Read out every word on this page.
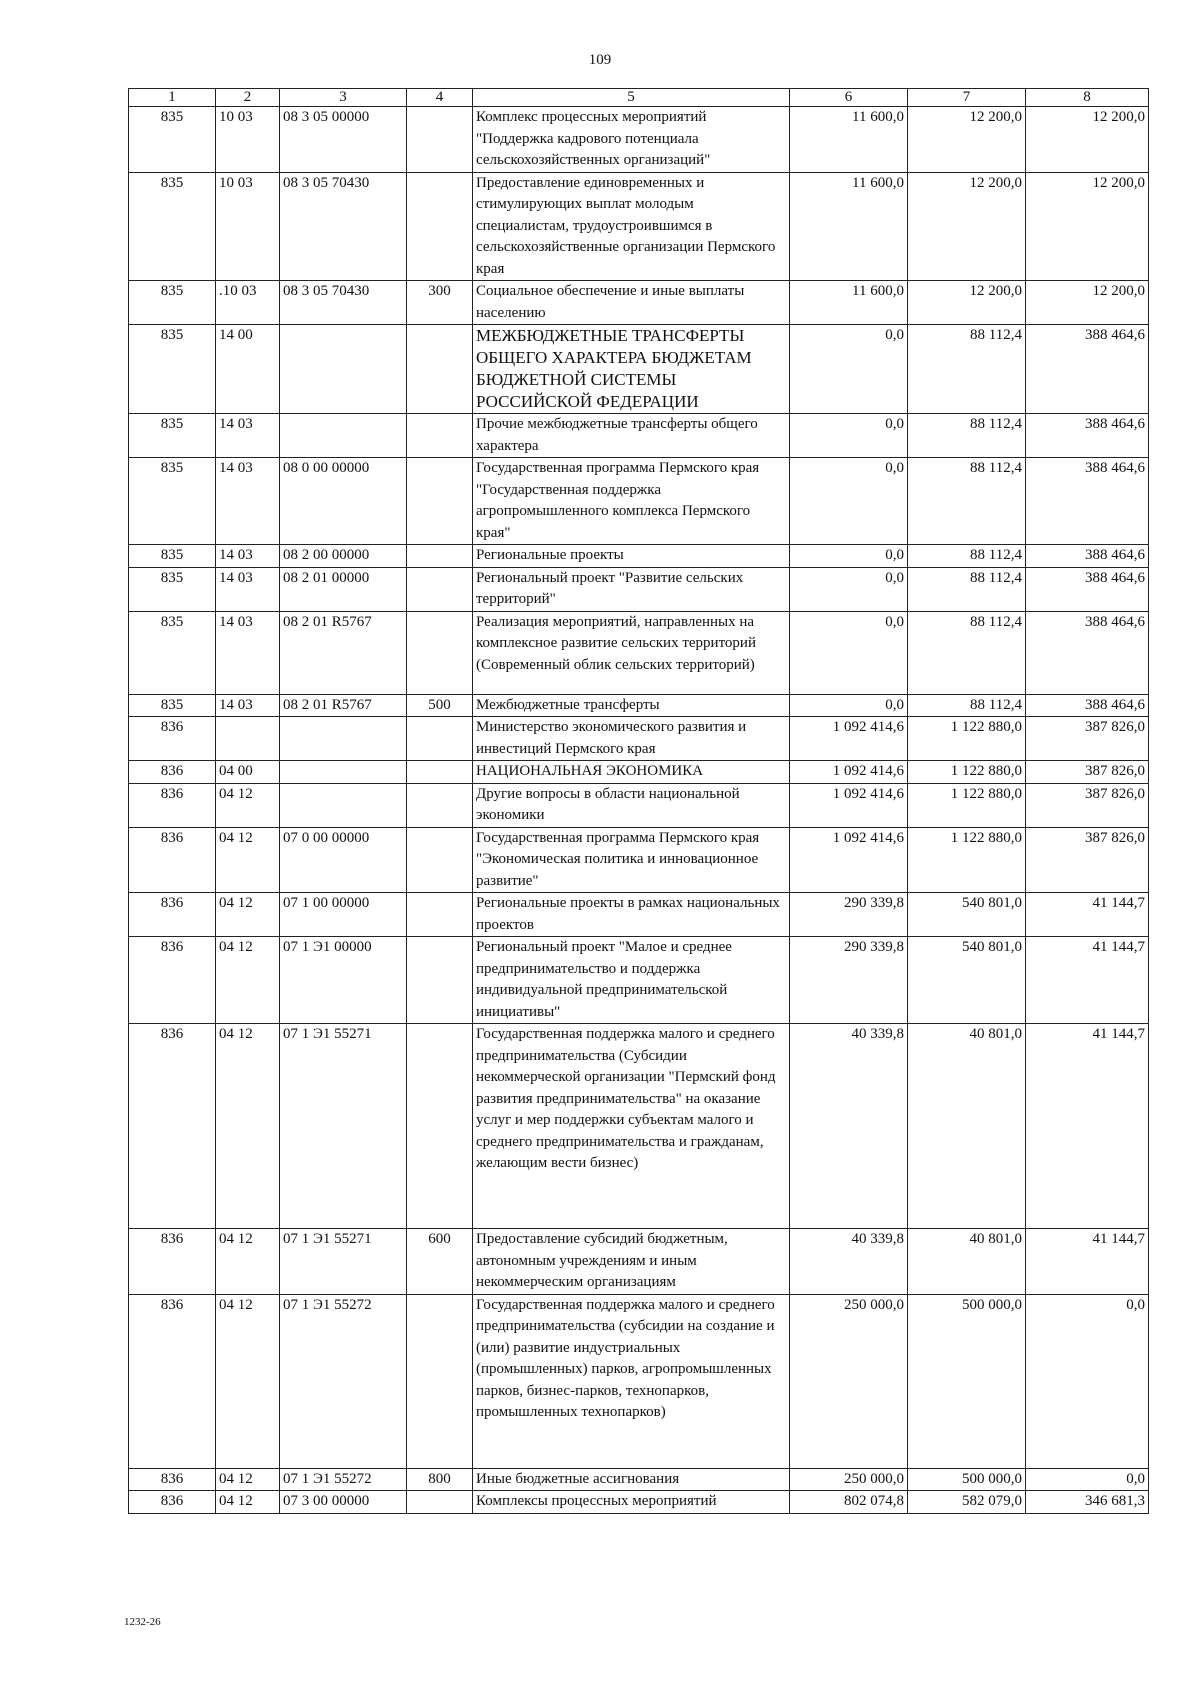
109
1	2	3	4	5	6	7	8
835	10 03	08 3 05 00000		Комплекс процессных мероприятий "Поддержка кадрового потенциала сельскохозяйственных организаций"	11 600,0	12 200,0	12 200,0
835	10 03	08 3 05 70430		Предоставление единовременных и стимулирующих выплат молодым специалистам, трудоустроившимся в сельскохозяйственные организации Пермского края	11 600,0	12 200,0	12 200,0
835	.10 03	08 3 05 70430	300	Социальное обеспечение и иные выплаты населению	11 600,0	12 200,0	12 200,0
835	14 00			МЕЖБЮДЖЕТНЫЕ ТРАНСФЕРТЫ ОБЩЕГО ХАРАКТЕРА БЮДЖЕТАМ БЮДЖЕТНОЙ СИСТЕМЫ РОССИЙСКОЙ ФЕДЕРАЦИИ	0,0	88 112,4	388 464,6
835	14 03			Прочие межбюджетные трансферты общего характера	0,0	88 112,4	388 464,6
835	14 03	08 0 00 00000		Государственная программа Пермского края "Государственная поддержка агропромышленного комплекса Пермского края"	0,0	88 112,4	388 464,6
835	14 03	08 2 00 00000		Региональные проекты	0,0	88 112,4	388 464,6
835	14 03	08 2 01 00000		Региональный проект "Развитие сельских территорий"	0,0	88 112,4	388 464,6
835	14 03	08 2 01 R5767		Реализация мероприятий, направленных на комплексное развитие сельских территорий (Современный облик сельских территорий)	0,0	88 112,4	388 464,6
835	14 03	08 2 01 R5767	500	Межбюджетные трансферты	0,0	88 112,4	388 464,6
836				Министерство экономического развития и инвестиций Пермского края	1 092 414,6	1 122 880,0	387 826,0
836	04 00			НАЦИОНАЛЬНАЯ ЭКОНОМИКА	1 092 414,6	1 122 880,0	387 826,0
836	04 12			Другие вопросы в области национальной экономики	1 092 414,6	1 122 880,0	387 826,0
836	04 12	07 0 00 00000		Государственная программа Пермского края "Экономическая политика и инновационное развитие"	1 092 414,6	1 122 880,0	387 826,0
836	04 12	07 1 00 00000		Региональные проекты в рамках национальных проектов	290 339,8	540 801,0	41 144,7
836	04 12	07 1 Э1 00000		Региональный проект "Малое и среднее предпринимательство и поддержка индивидуальной предпринимательской инициативы"	290 339,8	540 801,0	41 144,7
836	04 12	07 1 Э1 55271		Государственная поддержка малого и среднего предпринимательства (Субсидии некоммерческой организации "Пермский фонд развития предпринимательства" на оказание услуг и мер поддержки субъектам малого и среднего предпринимательства и гражданам, желающим вести бизнес)	40 339,8	40 801,0	41 144,7
836	04 12	07 1 Э1 55271	600	Предоставление субсидий бюджетным, автономным учреждениям и иным некоммерческим организациям	40 339,8	40 801,0	41 144,7
836	04 12	07 1 Э1 55272		Государственная поддержка малого и среднего предпринимательства (субсидии на создание и (или) развитие индустриальных (промышленных) парков, агропромышленных парков, бизнес-парков, технопарков, промышленных технопарков)	250 000,0	500 000,0	0,0
836	04 12	07 1 Э1 55272	800	Иные бюджетные ассигнования	250 000,0	500 000,0	0,0
836	04 12	07 3 00 00000		Комплексы процессных мероприятий	802 074,8	582 079,0	346 681,3
1232-26
